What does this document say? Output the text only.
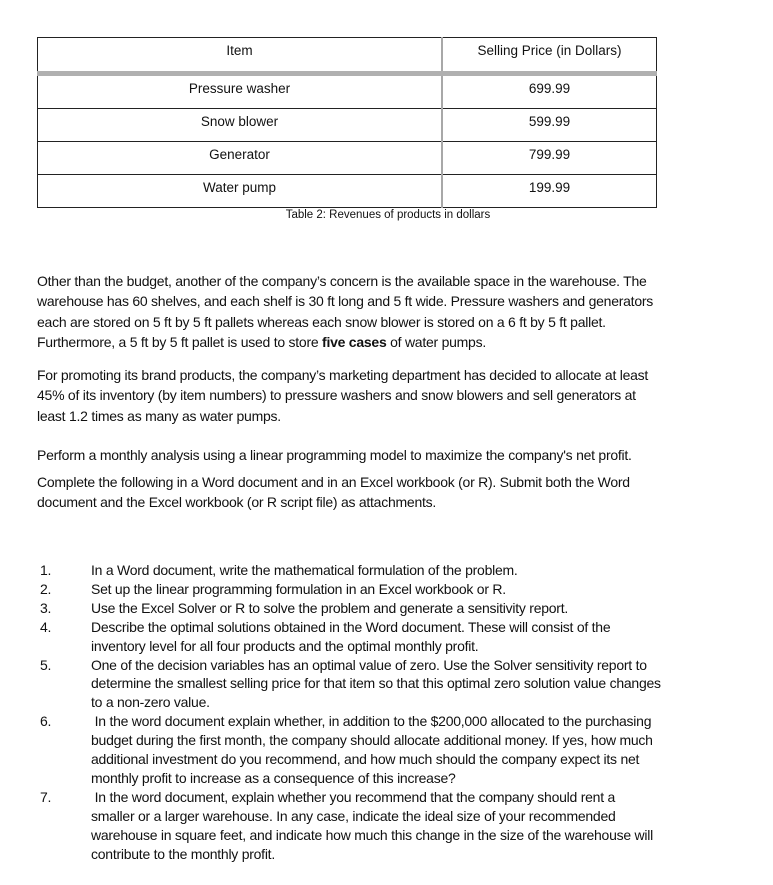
Item	Selling Price (in Dollars)
Pressure washer	699.99
Snow blower	599.99
Generator	799.99
Water pump	199.99
Table 2: Revenues of products in dollars
Other than the budget, another of the company’s concern is the available space in the warehouse. The
warehouse has 60 shelves, and each shelf is 30 ft long and 5 ft wide. Pressure washers and generators
each are stored on 5 ft by 5 ft pallets whereas each snow blower is stored on a 6 ft by 5 ft pallet.
Furthermore, a 5 ft by 5 ft pallet is used to store five cases of water pumps.
For promoting its brand products, the company’s marketing department has decided to allocate at least
45% of its inventory (by item numbers) to pressure washers and snow blowers and sell generators at
least 1.2 times as many as water pumps.
Perform a monthly analysis using a linear programming model to maximize the company's net profit.
Complete the following in a Word document and in an Excel workbook (or R). Submit both the Word
document and the Excel workbook (or R script file) as attachments.
1.	In a Word document, write the mathematical formulation of the problem.
2.	Set up the linear programming formulation in an Excel workbook or R.
3.	Use the Excel Solver or R to solve the problem and generate a sensitivity report.
4.	Describe the optimal solutions obtained in the Word document. These will consist of the
inventory level for all four products and the optimal monthly profit.
5.	One of the decision variables has an optimal value of zero. Use the Solver sensitivity report to
determine the smallest selling price for that item so that this optimal zero solution value changes
to a non-zero value.
6.	In the word document explain whether, in addition to the $200,000 allocated to the purchasing
budget during the first month, the company should allocate additional money. If yes, how much
additional investment do you recommend, and how much should the company expect its net
monthly profit to increase as a consequence of this increase?
7.	In the word document, explain whether you recommend that the company should rent a
smaller or a larger warehouse. In any case, indicate the ideal size of your recommended
warehouse in square feet, and indicate how much this change in the size of the warehouse will
contribute to the monthly profit.
